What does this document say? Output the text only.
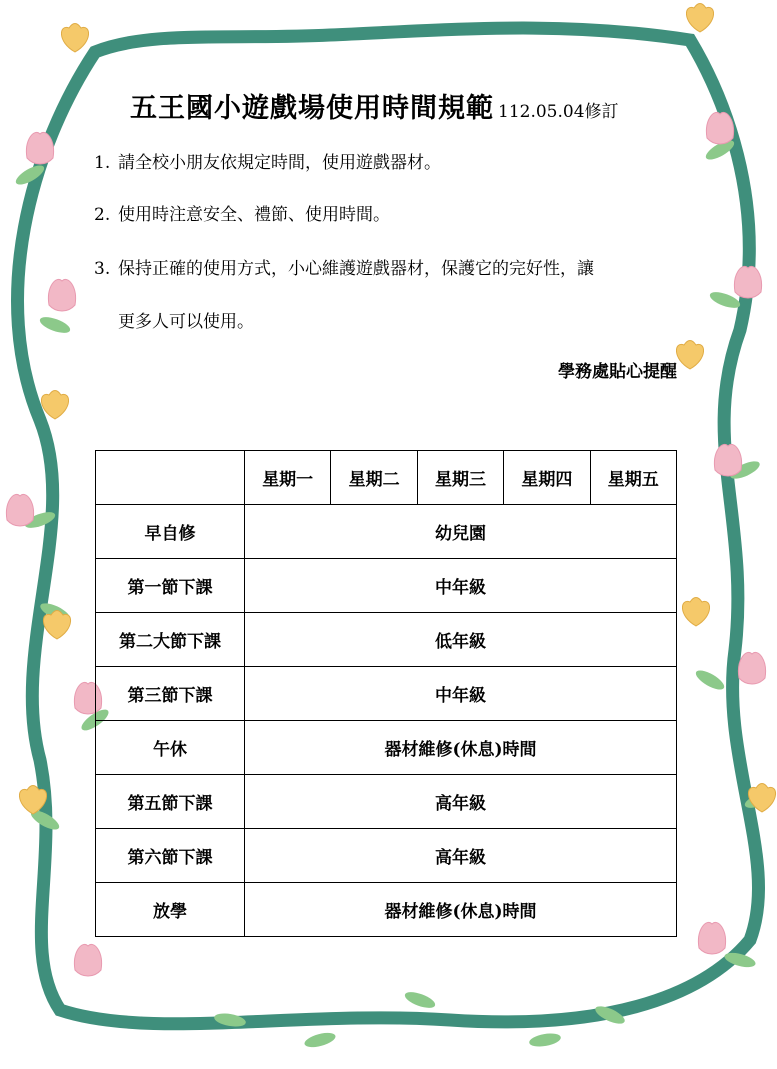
五王國小遊戲場使用時間規範 112.05.04修訂
1. 請全校小朋友依規定時間，使用遊戲器材。
2. 使用時注意安全、禮節、使用時間。
3. 保持正確的使用方式，小心維護遊戲器材，保護它的完好性，讓
更多人可以使用。
學務處貼心提醒
	星期一	星期二	星期三	星期四	星期五
早自修	幼兒園				
第一節下課	中年級				
第二大節下課	低年級				
第三節下課	中年級				
午休	器材維修(休息)時間				
第五節下課	高年級				
第六節下課	高年級				
放學	器材維修(休息)時間				
